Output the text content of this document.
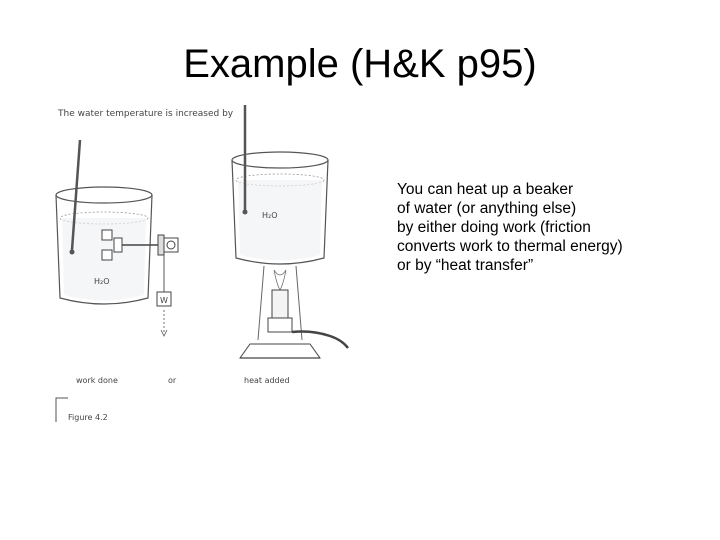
Example (H&K p95)
The water temperature is increased by
W
H₂O
H₂O
work done	or	heat added
Figure 4.2
You can heat up a beaker
of water (or anything else)
by either doing work (friction
converts work to thermal energy)
or by “heat transfer”
